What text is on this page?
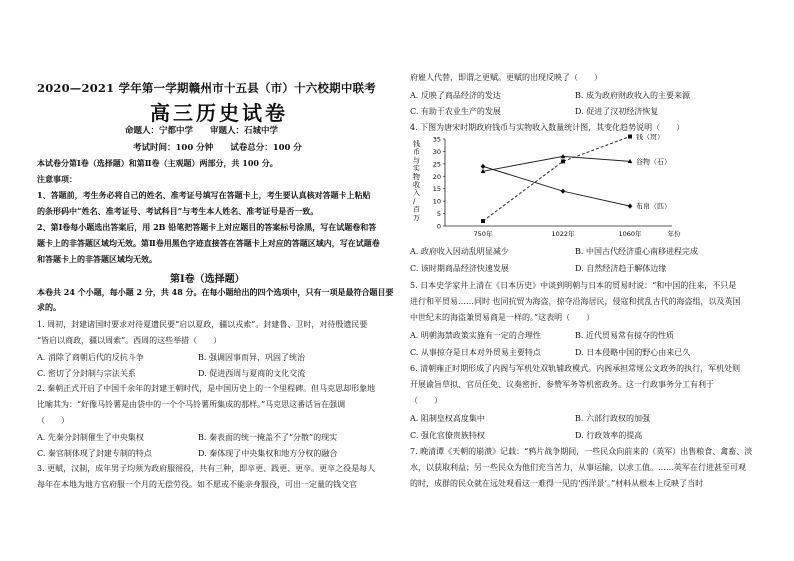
2020—2021 学年第一学期赣州市十五县（市）十六校期中联考
高三历史试卷
命题人：宁都中学　　审题人：石城中学
考试时间：100 分钟　　试卷总分：100 分
本试卷分第Ⅰ卷（选择题）和第Ⅱ卷（主观题）两部分，共 100 分。
注意事项：
1、答题前，考生务必将自己的姓名、准考证号填写在答题卡上，考生要认真核对答题卡上粘贴
的条形码中“姓名、准考证号、考试科目”与考生本人姓名、准考证号是否一致。
2、第Ⅰ卷每小题选出答案后，用 2B 铅笔把答题卡上对应题目的答案标号涂黑，写在试题卷和答
题卡上的非答题区域均无效。第Ⅱ卷用黑色字迹直接答在答题卡上对应的答题区域内，写在试题卷
和答题卡上的非答题区域均无效。
第Ⅰ卷（选择题）
本卷共 24 个小题，每小题 2 分，共 48 分。在每小题给出的四个选项中，只有一项是最符合题目要
求的。
1. 周初，封建诸国时要求对待夏遗民要“启以夏政，疆以戎索”。封建鲁、卫时，对待殷遗民要
“皆启以商政，疆以周索”。西周的这些举措（　　）
A. 消除了商朝后代的反抗斗争	B. 强调因事而异，巩固了统治
C. 密切了分封制与宗法关系	D. 促进西周与夏商的文化交流
2. 秦朝正式开启了中国千余年的封建王朝时代，是中国历史上的一个里程碑。但马克思却形象地
比喻其为：“好像马铃薯是由袋中的一个个马铃薯所集成的那样。”马克思这番话旨在强调
（　　）
A. 先秦分封制催生了中央集权	B. 秦表面的统一掩盖不了“分散”的现实
C. 秦官制体现了封建专制的特点	D. 秦体现了中央集权和地方分权的融合
3. 更赋，汉制，成年男子均须为政府服徭役，共有三种，即卒更、践更、更卒。更卒之役是每人
每年在本地为地方官府服一个月的无偿劳役。如不愿或不能亲身服役，可出一定量的钱交官
府雇人代替，即谓之更赋。更赋的出现反映了（　　）
A. 反映了商品经济的发达	B. 成为政府财政收入的主要来源
C. 有助于农业生产的发展	D. 促进了汉初经济恢复
4. 下图为唐宋时期政府钱币与实物收入数量统计图，其变化趋势说明（　　）
钱币与实物收入/百万
0
5
10
15
20
25
30
35
750年	1022年	1060年	年份
钱（贯）
谷物（石）
布帛（匹）
A. 政府收入因动乱明显减少	B. 中国古代经济重心南移进程完成
C. 该时期商品经济快速发展	D. 自然经济趋于解体边缘
5. 日本史学家井上清在《日本历史》中谈到明朝与日本的贸易时说：“和中国的往来，不只是
进行和平贸易……同时 也同抗贸为海盗，掠夺沿海居民，侵寇和扰乱古代的海盗组，以及英国
中世纪末的海盗兼贸易商是一样的。”这表明（　　）
A. 明朝海禁政策实施有一定的合理性	B. 近代贸易常有掠夺的性质
C. 从事掠夺是日本对外贸易主要特点	D. 日本侵略中国的野心由来已久
6. 清朝雍正时期形成了内阁与军机处双轨辅政模式。内阁承担常规公文政务的执行，军机处则
开展谕旨草拟、官员任免、议奏密折、参赞军务等机密政务。这一行政事务分工有利于
（　　）
A. 阻制皇权高度集中	B. 六部行政权的加强
C. 强化官僚贵族特权	D. 行政效率的提高
7. 晚清谭《天朝的崩溃》记载：“鸦片战争期间，一些民众向前来的（英军）出售粮食、禽畜、淡
水，以获取利益；另一些民众为他们充当苦力，从事运输，以求工值。……英军在行进甚至可观
的时，成群的民众就在远处观看这一难得一见的‘西洋景’。”材料从根本上反映了当时
